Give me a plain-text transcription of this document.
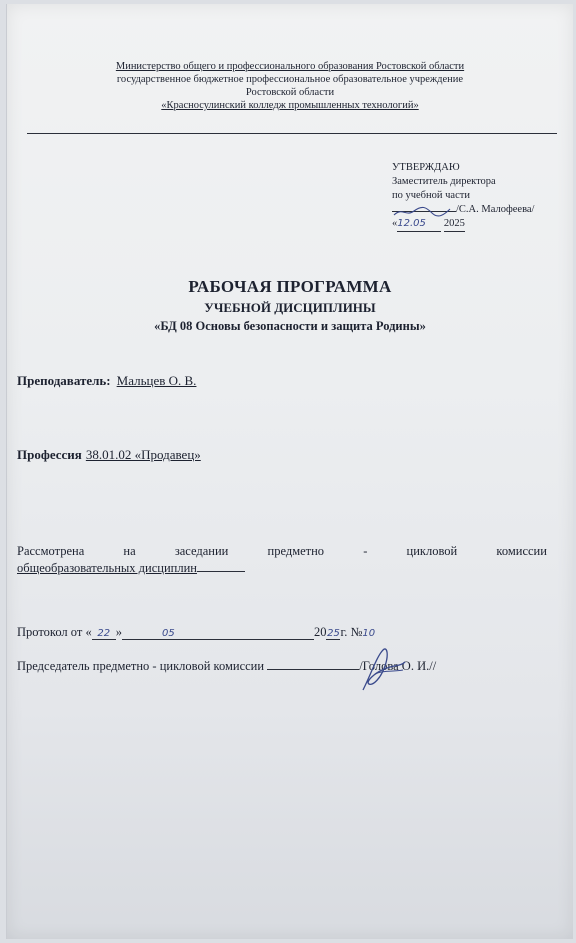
Министерство общего и профессионального образования Ростовской области
государственное бюджетное профессиональное образовательное учреждение
Ростовской области
«Красносулинский колледж промышленных технологий»
УТВЕРЖДАЮ
Заместитель директора
по учебной части
/С.А. Малофеева/
«12.05 2025
РАБОЧАЯ ПРОГРАММА
УЧЕБНОЙ ДИСЦИПЛИНЫ
«БД 08 Основы безопасности и защита Родины»
Преподаватель: Мальцев О. В.
Профессия 38.01.02 «Продавец»
Рассмотрена	на	заседании	предметно	-	цикловой	комиссии
общеобразовательных дисциплин
Протокол от « 22 »	05	2025г. №10
Председатель предметно - цикловой комиссии	/Голова О. И.//
